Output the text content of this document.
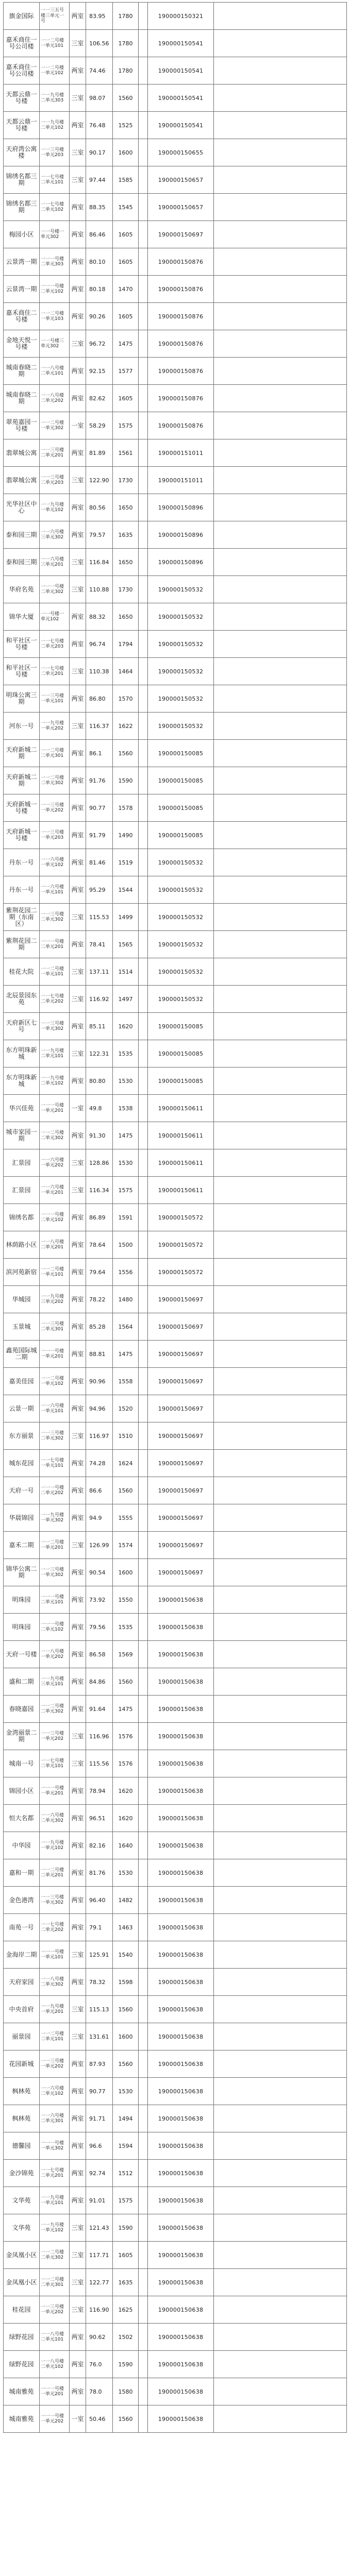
旗金国际	一一三五号楼三单元一号	两室	83.95	1780		190000150321	
嘉禾商住一号公司楼	一一二号楼一单元101	三室	106.56	1780		190000150541	
嘉禾商住一号公司楼	一一二号楼一单元102	两室	74.46	1780		190000150541	
天都云鼎一号楼	一一九号楼二单元303	三室	98.07	1560		190000150541	
天都云鼎一号楼	一一九号楼二单元102	两室	76.48	1525		190000150541	
天府湾公寓楼	一一三号楼一单元203	三室	90.17	1600		190000150655	
锦绣名都三期	一一七号楼二单元101	三室	97.44	1585		190000150657	
锦绣名都三期	一一七号楼二单元102	两室	88.35	1545		190000150657	
梅园小区	一一号楼一单元302	两室	86.46	1605		190000150697	
云景湾一期	一一一号楼二单元303	两室	80.10	1605		190000150876	
云景湾一期	一一一号楼二单元102	两室	80.18	1470		190000150876	
嘉禾商住二号楼	一一二号楼一单元103	两室	90.26	1605		190000150876	
金地天悦一号楼	一一号楼三单元302	三室	96.72	1475		190000150876	
城南春晓二期	一一八号楼二单元101	两室	92.15	1577		190000150876	
城南春晓二期	一一八号楼二单元202	两室	82.62	1605		190000150876	
翠苑嘉园一号楼	一一二号楼一单元302	一室	58.29	1575		190000150876	
翡翠城公寓	一一三号楼二单元201	两室	81.89	1561		190000151011	
翡翠城公寓	一一三号楼二单元203	三室	122.90	1730		190000151011	
光华社区中心	一一九号楼一单元102	两室	80.56	1650		190000150896	
泰和园三期	一一六号楼三单元302	两室	79.57	1635		190000150896	
泰和园三期	一一六号楼三单元201	三室	116.84	1650		190000150896	
华府名苑	一一一号楼二单元302	三室	110.88	1730		190000150532	
锦华大厦	一一号楼一单元102	两室	88.32	1650		190000150532	
和平社区一号楼	一一七号楼二单元203	两室	96.74	1794		190000150532	
和平社区一号楼	一一七号楼二单元201	三室	110.38	1464		190000150532	
明珠公寓三期	一一三号楼一单元101	两室	86.80	1570		190000150532	
河东一号	一一九号楼一单元202	三室	116.37	1622		190000150532	
天府新城二期	一一二号楼二单元301	两室	86.1	1560		190000150085	
天府新城二期	一一二号楼二单元302	两室	91.76	1590		190000150085	
天府新城一号楼	一一三号楼一单元202	两室	90.77	1578		190000150085	
天府新城一号楼	一一三号楼一单元203	两室	91.79	1490		190000150085	
丹东一号	一一六号楼一单元102	两室	81.46	1519		190000150532	
丹东一号	一一六号楼一单元101	两室	95.29	1544		190000150532	
紫荆花园二期（东南区）	一一三号楼二单元302	三室	115.53	1499		190000150532	
紫荆花园二期	一一一号楼二单元201	两室	78.41	1565		190000150532	
桂花大院	一一二号楼一单元101	三室	137.11	1514		190000150532	
北辰景园东苑	一一七号楼二单元202	三室	116.92	1497		190000150532	
天府新区七号	一一三号楼一单元302	两室	85.11	1620		190000150085	
东方明珠新城	一一九号楼二单元101	三室	122.31	1535		190000150085	
东方明珠新城	一一九号楼二单元102	两室	80.80	1530		190000150085	
华兴佳苑	一一一号楼一单元201	一室	49.8	1538		190000150611	
城市家园一期	一一二号楼二单元302	两室	91.30	1475		190000150611	
汇景园	一一六号楼一单元202	三室	128.86	1530		190000150611	
汇景园	一一六号楼一单元201	三室	116.34	1575		190000150611	
锦绣名都	一一一号楼二单元102	两室	86.89	1591		190000150572	
林荫路小区	一一八号楼二单元201	两室	78.64	1500		190000150572	
滨河苑新宿	一一二号楼一单元101	两室	79.64	1556		190000150572	
华城园	一一九号楼三单元202	两室	78.22	1480		190000150697	
玉景城	一一三号楼二单元301	两室	85.28	1564		190000150697	
鑫苑国际城二期	一一一号楼一单元201	两室	88.81	1475		190000150697	
嘉美佳园	一一二号楼一单元102	两室	90.96	1558		190000150697	
云景一期	一一六号楼一单元101	两室	94.96	1520		190000150697	
东方丽景	一一三号楼二单元302	三室	116.97	1510		190000150697	
城东花园	一一七号楼一单元101	两室	74.28	1624		190000150697	
天府一号	一一一号楼二单元202	两室	86.6	1560		190000150697	
华晨锦园	一一九号楼一单元302	两室	94.9	1555		190000150697	
嘉禾二期	一一二号楼一单元201	三室	126.99	1574		190000150697	
锦华公寓二期	一一三号楼一单元302	两室	90.54	1600		190000150697	
明珠园	一一一号楼二单元101	两室	73.92	1550		190000150638	
明珠园	一一一号楼二单元102	两室	79.56	1535		190000150638	
天府一号楼	一一八号楼一单元202	两室	86.58	1569		190000150638	
盛和二期	一一九号楼三单元101	两室	84.86	1560		190000150638	
春晓嘉园	一一二号楼二单元302	两室	91.64	1475		190000150638	
金湾丽景二期	一一三号楼一单元202	三室	116.96	1576		190000150638	
城南一号	一一七号楼二单元101	三室	115.56	1576		190000150638	
锦园小区	一一一号楼一单元201	两室	78.94	1620		190000150638	
恒大名都	一一六号楼二单元302	两室	96.51	1620		190000150638	
中华园	一一九号楼一单元102	两室	82.16	1640		190000150638	
嘉和一期	一一二号楼二单元201	两室	81.76	1530		190000150638	
金色港湾	一一三号楼一单元302	两室	96.40	1482		190000150638	
南苑一号	一一七号楼二单元202	两室	79.1	1463		190000150638	
金海岸二期	一一一号楼一单元101	三室	125.91	1540		190000150638	
天府家园	一一八号楼二单元302	两室	78.32	1598		190000150638	
中央首府	一一九号楼一单元201	三室	115.13	1560		190000150638	
丽景园	一一二号楼二单元101	三室	131.61	1600		190000150638	
花园新城	一一三号楼一单元202	两室	87.93	1560		190000150638	
枫林苑	一一六号楼二单元102	两室	90.77	1530		190000150638	
枫林苑	一一六号楼二单元301	两室	91.71	1494		190000150638	
德馨园	一一一号楼一单元302	两室	96.6	1594		190000150638	
金沙锦苑	一一七号楼二单元201	两室	92.74	1512		190000150638	
文华苑	一一九号楼一单元101	两室	91.01	1575		190000150638	
文华苑	一一九号楼一单元102	三室	121.43	1590		190000150638	
金凤凰小区	一一二号楼二单元302	三室	117.71	1605		190000150638	
金凤凰小区	一一二号楼二单元301	三室	122.77	1635		190000150638	
桂花园	一一三号楼一单元202	三室	116.90	1625		190000150638	
绿野花园	一一八号楼二单元101	两室	90.62	1502		190000150638	
绿野花园	一一八号楼二单元102	两室	76.0	1590		190000150638	
城南雅苑	一一一号楼一单元201	两室	78.0	1580		190000150638	
城南雅苑	一一一号楼一单元202	一室	50.46	1560		190000150638	
